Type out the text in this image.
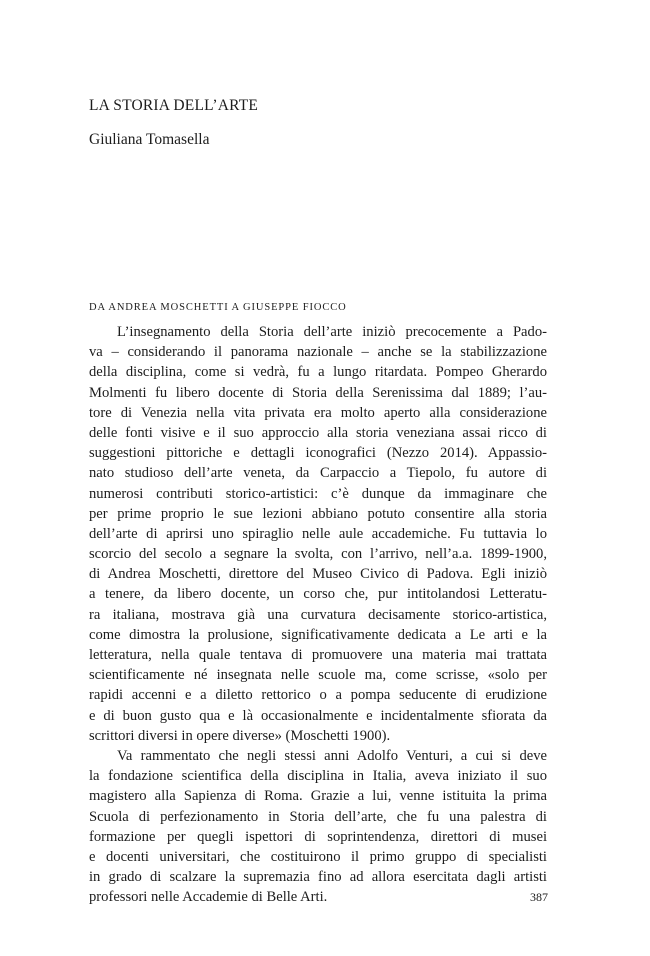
LA STORIA DELL’ARTE
Giuliana Tomasella
DA ANDREA MOSCHETTI A GIUSEPPE FIOCCO
L’insegnamento della Storia dell’arte iniziò precocemente a Pado-
va – considerando il panorama nazionale – anche se la stabilizzazione
della disciplina, come si vedrà, fu a lungo ritardata. Pompeo Gherardo
Molmenti fu libero docente di Storia della Serenissima dal 1889; l’au-
tore di Venezia nella vita privata era molto aperto alla considerazione
delle fonti visive e il suo approccio alla storia veneziana assai ricco di
suggestioni pittoriche e dettagli iconografici (Nezzo 2014). Appassio-
nato studioso dell’arte veneta, da Carpaccio a Tiepolo, fu autore di
numerosi contributi storico-artistici: c’è dunque da immaginare che
per prime proprio le sue lezioni abbiano potuto consentire alla storia
dell’arte di aprirsi uno spiraglio nelle aule accademiche. Fu tuttavia lo
scorcio del secolo a segnare la svolta, con l’arrivo, nell’a.a. 1899-1900,
di Andrea Moschetti, direttore del Museo Civico di Padova. Egli iniziò
a tenere, da libero docente, un corso che, pur intitolandosi Letteratu-
ra italiana, mostrava già una curvatura decisamente storico-artistica,
come dimostra la prolusione, significativamente dedicata a Le arti e la
letteratura, nella quale tentava di promuovere una materia mai trattata
scientificamente né insegnata nelle scuole ma, come scrisse, «solo per
rapidi accenni e a diletto rettorico o a pompa seducente di erudizione
e di buon gusto qua e là occasionalmente e incidentalmente sfiorata da
scrittori diversi in opere diverse» (Moschetti 1900).
Va rammentato che negli stessi anni Adolfo Venturi, a cui si deve
la fondazione scientifica della disciplina in Italia, aveva iniziato il suo
magistero alla Sapienza di Roma. Grazie a lui, venne istituita la prima
Scuola di perfezionamento in Storia dell’arte, che fu una palestra di
formazione per quegli ispettori di soprintendenza, direttori di musei
e docenti universitari, che costituirono il primo gruppo di specialisti
in grado di scalzare la supremazia fino ad allora esercitata dagli artisti
professori nelle Accademie di Belle Arti.	387
